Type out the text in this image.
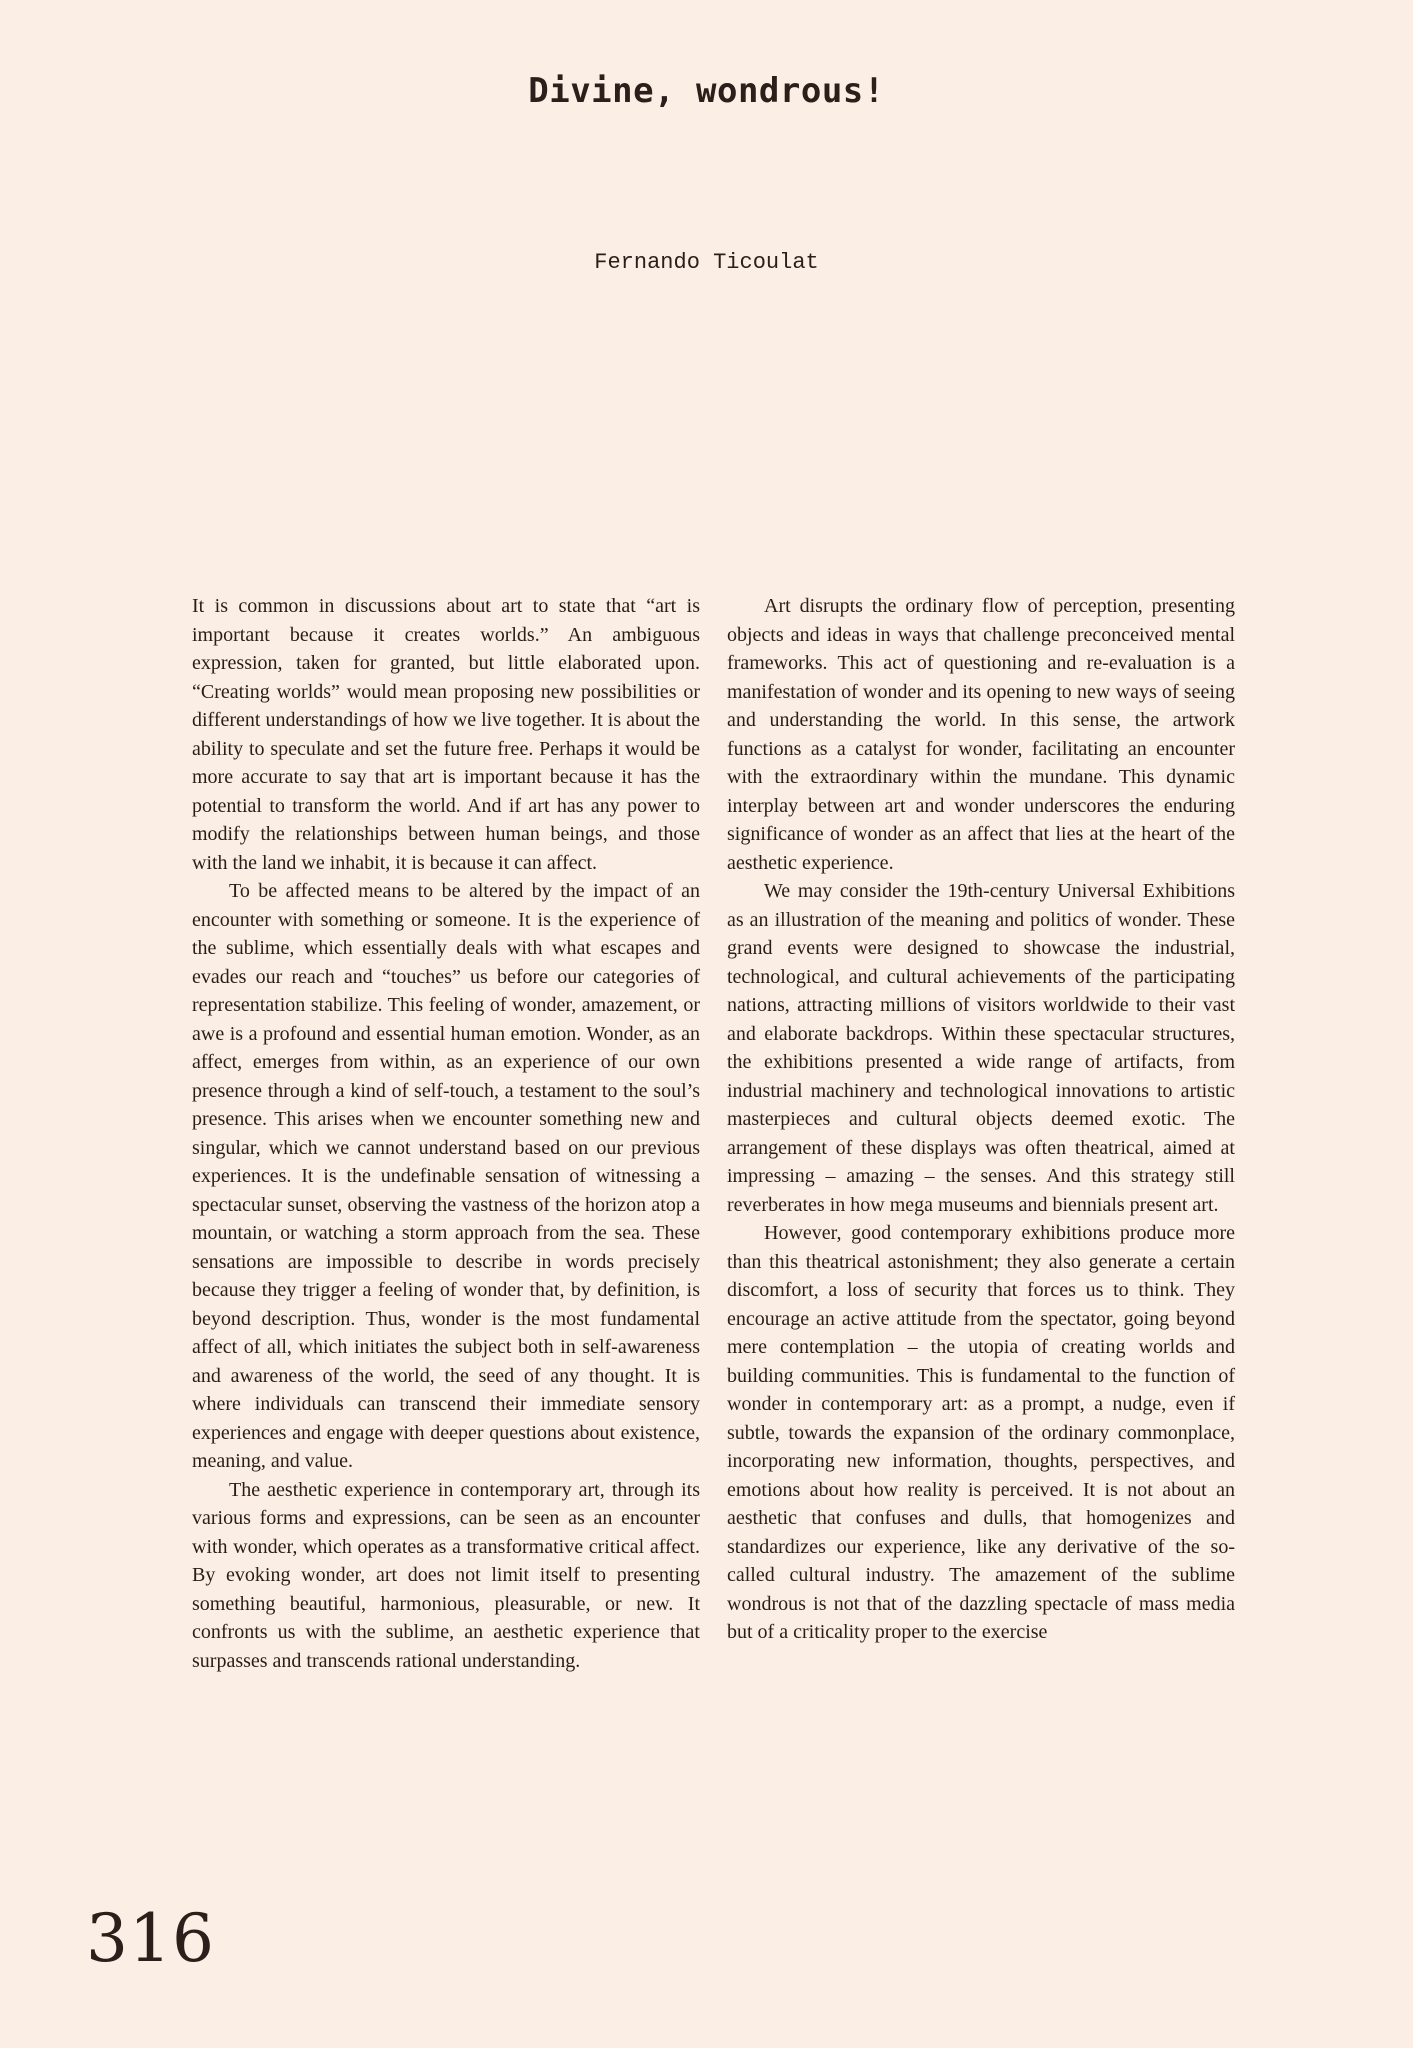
Divine, wondrous!
Fernando Ticoulat

It is common in discussions about art to state that “art is important because it creates worlds.” An ambiguous expression, taken for granted, but little elaborated upon. “Creating worlds” would mean proposing new possibilities or different understandings of how we live together. It is about the ability to speculate and set the future free. Perhaps it would be more accurate to say that art is important because it has the potential to transform the world. And if art has any power to modify the relationships between human beings, and those with the land we inhabit, it is because it can affect.

To be affected means to be altered by the impact of an encounter with something or someone. It is the experience of the sublime, which essentially deals with what escapes and evades our reach and “touches” us before our categories of representation stabilize. This feeling of wonder, amazement, or awe is a profound and essential human emotion. Wonder, as an affect, emerges from within, as an experience of our own presence through a kind of self-touch, a testament to the soul’s presence. This arises when we encounter something new and singular, which we cannot understand based on our previous experiences. It is the undefinable sensation of witnessing a spectacular sunset, observing the vastness of the horizon atop a mountain, or watching a storm approach from the sea. These sensations are impossible to describe in words precisely because they trigger a feeling of wonder that, by definition, is beyond description. Thus, wonder is the most fundamental affect of all, which initiates the subject both in self-awareness and awareness of the world, the seed of any thought. It is where individuals can transcend their immediate sensory experiences and engage with deeper questions about existence, meaning, and value.

The aesthetic experience in contemporary art, through its various forms and expressions, can be seen as an encounter with wonder, which operates as a transformative critical affect. By evoking wonder, art does not limit itself to presenting something beautiful, harmonious, pleasurable, or new. It confronts us with the sublime, an aesthetic experience that surpasses and transcends rational understanding.

Art disrupts the ordinary flow of perception, presenting objects and ideas in ways that challenge preconceived mental frameworks. This act of questioning and re-evaluation is a manifestation of wonder and its opening to new ways of seeing and understanding the world. In this sense, the artwork functions as a catalyst for wonder, facilitating an encounter with the extraordinary within the mundane. This dynamic interplay between art and wonder underscores the enduring significance of wonder as an affect that lies at the heart of the aesthetic experience.

We may consider the 19th-century Universal Exhibitions as an illustration of the meaning and politics of wonder. These grand events were designed to showcase the industrial, technological, and cultural achievements of the participating nations, attracting millions of visitors worldwide to their vast and elaborate backdrops. Within these spectacular structures, the exhibitions presented a wide range of artifacts, from industrial machinery and technological innovations to artistic masterpieces and cultural objects deemed exotic. The arrangement of these displays was often theatrical, aimed at impressing – amazing – the senses. And this strategy still reverberates in how mega museums and biennials present art.

However, good contemporary exhibitions produce more than this theatrical astonishment; they also generate a certain discomfort, a loss of security that forces us to think. They encourage an active attitude from the spectator, going beyond mere contemplation – the utopia of creating worlds and building communities. This is fundamental to the function of wonder in contemporary art: as a prompt, a nudge, even if subtle, towards the expansion of the ordinary commonplace, incorporating new information, thoughts, perspectives, and emotions about how reality is perceived. It is not about an aesthetic that confuses and dulls, that homogenizes and standardizes our experience, like any derivative of the so-called cultural industry. The amazement of the sublime wondrous is not that of the dazzling spectacle of mass media but of a criticality proper to the exercise

316
